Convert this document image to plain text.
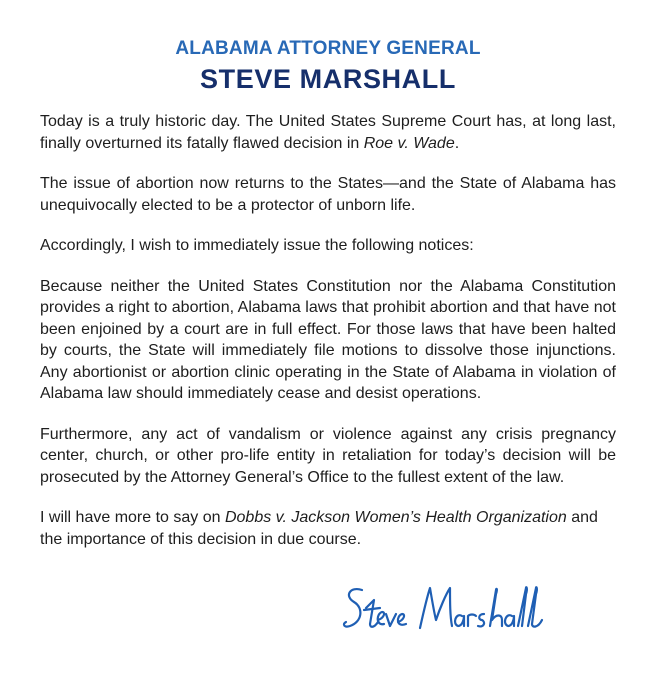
ALABAMA ATTORNEY GENERAL
STEVE MARSHALL

Today is a truly historic day. The United States Supreme Court has, at long last, finally overturned its fatally flawed decision in Roe v. Wade.

The issue of abortion now returns to the States—and the State of Alabama has unequivocally elected to be a protector of unborn life.

Accordingly, I wish to immediately issue the following notices:

Because neither the United States Constitution nor the Alabama Constitution provides a right to abortion, Alabama laws that prohibit abortion and that have not been enjoined by a court are in full effect. For those laws that have been halted by courts, the State will immediately file motions to dissolve those injunctions. Any abortionist or abortion clinic operating in the State of Alabama in violation of Alabama law should immediately cease and desist operations.

Furthermore, any act of vandalism or violence against any crisis pregnancy center, church, or other pro-life entity in retaliation for today’s decision will be prosecuted by the Attorney General’s Office to the fullest extent of the law.

I will have more to say on Dobbs v. Jackson Women’s Health Organization and the importance of this decision in due course.
